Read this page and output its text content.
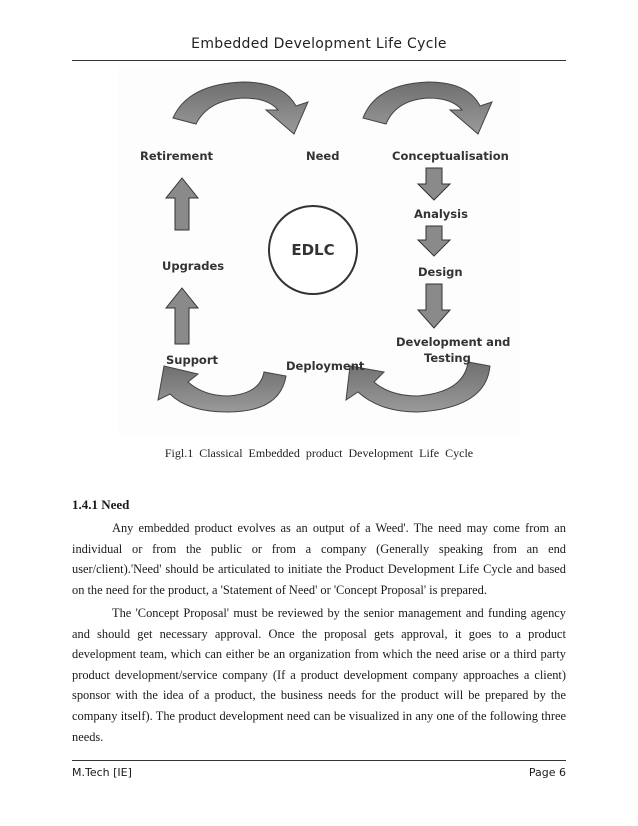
Embedded Development Life Cycle
EDLC
Retirement	Need	Conceptualisation
Analysis
Design
Development and
Testing
Deployment
Support
Upgrades
Figl.1 Classical Embedded product Development Life Cycle
1.4.1 Need

Any embedded product evolves as an output of a Weed'. The need may come from an individual or from the public or from a company (Generally speaking from an end user/client).'Need' should be articulated to initiate the Product Development Life Cycle and based on the need for the product, a 'Statement of Need' or 'Concept Proposal' is prepared.

The 'Concept Proposal' must be reviewed by the senior management and funding agency and should get necessary approval. Once the proposal gets approval, it goes to a product development team, which can either be an organization from which the need arise or a third party product development/service company (If a product development company approaches a client) sponsor with the idea of a product, the business needs for the product will be prepared by the company itself). The product development need can be visualized in any one of the following three needs.

M.Tech [IE]	Page 6
